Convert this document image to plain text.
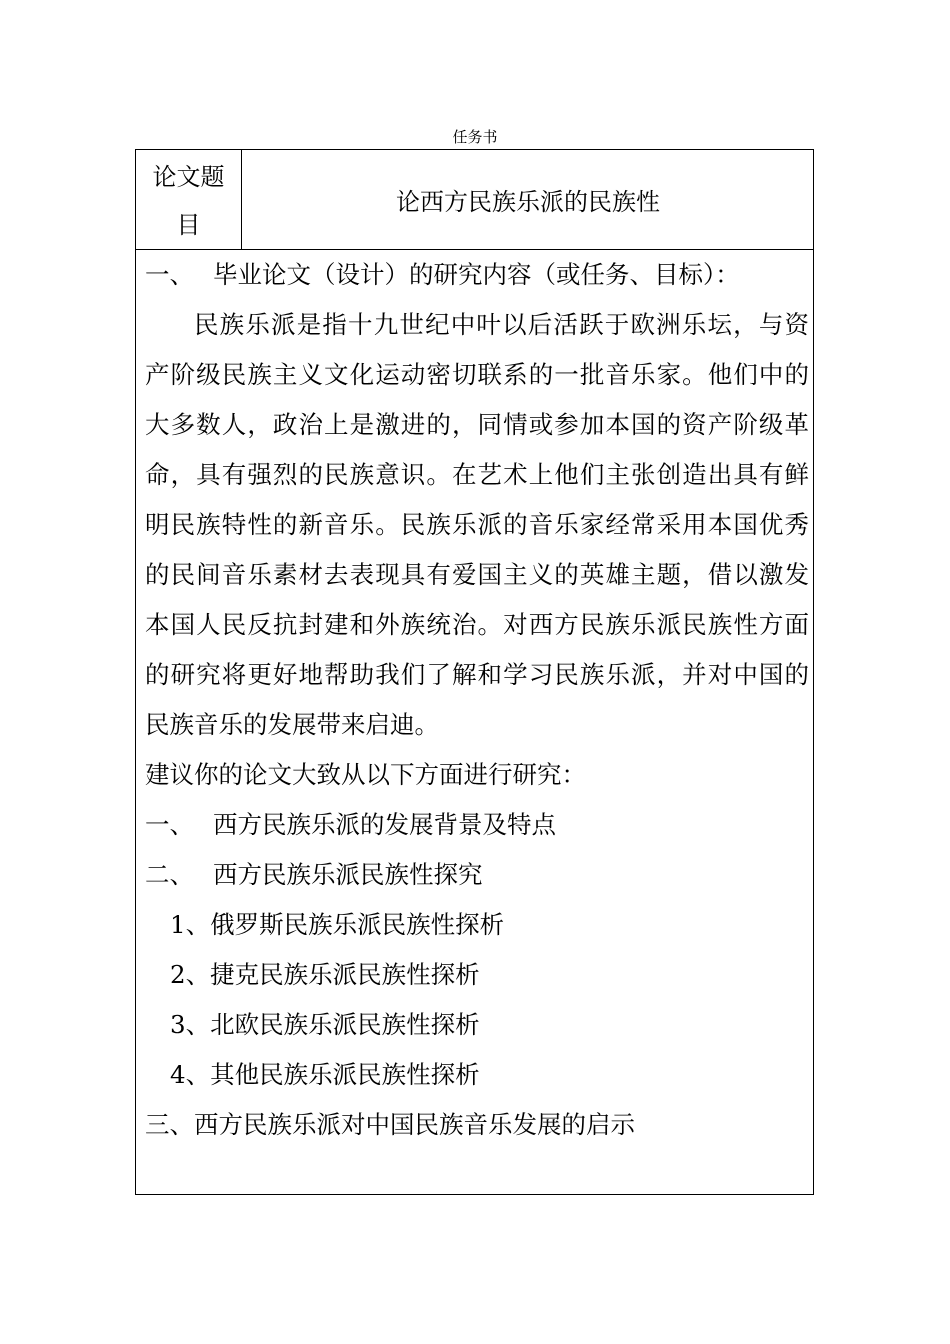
任务书
论文题
目
论西方民族乐派的民族性
一、 毕业论文（设计）的研究内容（或任务、目标）：
民族乐派是指十九世纪中叶以后活跃于欧洲乐坛，与资
产阶级民族主义文化运动密切联系的一批音乐家。他们中的
大多数人，政治上是激进的，同情或参加本国的资产阶级革
命，具有强烈的民族意识。在艺术上他们主张创造出具有鲜
明民族特性的新音乐。民族乐派的音乐家经常采用本国优秀
的民间音乐素材去表现具有爱国主义的英雄主题，借以激发
本国人民反抗封建和外族统治。对西方民族乐派民族性方面
的研究将更好地帮助我们了解和学习民族乐派，并对中国的
民族音乐的发展带来启迪。
建议你的论文大致从以下方面进行研究：
一、 西方民族乐派的发展背景及特点
二、 西方民族乐派民族性探究
1、俄罗斯民族乐派民族性探析
2、捷克民族乐派民族性探析
3、北欧民族乐派民族性探析
4、其他民族乐派民族性探析
三、西方民族乐派对中国民族音乐发展的启示
